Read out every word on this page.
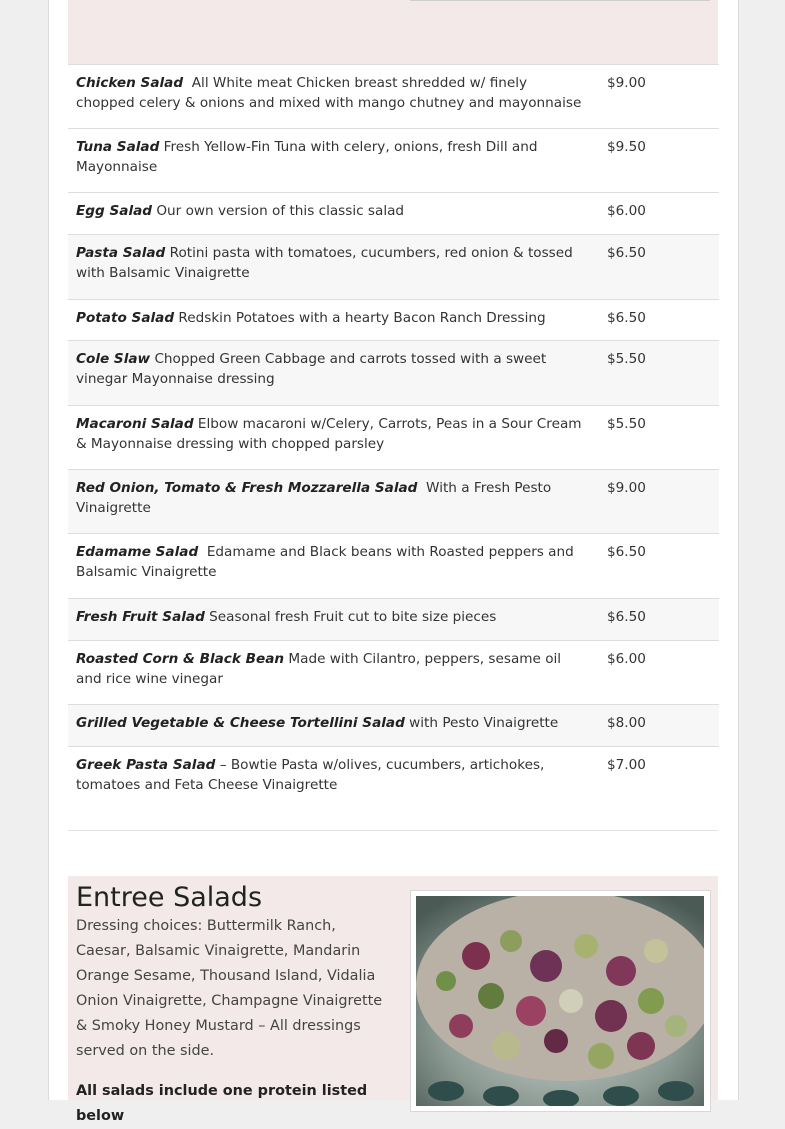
Chicken Salad All White meat Chicken breast shredded w/ finely chopped celery & onions and mixed with mango chutney and mayonnaise	$9.00
Tuna Salad Fresh Yellow-Fin Tuna with celery, onions, fresh Dill and Mayonnaise	$9.50
Egg Salad Our own version of this classic salad	$6.00
Pasta Salad Rotini pasta with tomatoes, cucumbers, red onion & tossed with Balsamic Vinaigrette	$6.50
Potato Salad Redskin Potatoes with a hearty Bacon Ranch Dressing	$6.50
Cole Slaw Chopped Green Cabbage and carrots tossed with a sweet vinegar Mayonnaise dressing	$5.50
Macaroni Salad Elbow macaroni w/Celery, Carrots, Peas in a Sour Cream & Mayonnaise dressing with chopped parsley	$5.50
Red Onion, Tomato & Fresh Mozzarella Salad With a Fresh Pesto Vinaigrette	$9.00
Edamame Salad Edamame and Black beans with Roasted peppers and Balsamic Vinaigrette	$6.50
Fresh Fruit Salad Seasonal fresh Fruit cut to bite size pieces	$6.50
Roasted Corn & Black Bean Made with Cilantro, peppers, sesame oil and rice wine vinegar	$6.00
Grilled Vegetable & Cheese Tortellini Salad with Pesto Vinaigrette	$8.00
Greek Pasta Salad – Bowtie Pasta w/olives, cucumbers, artichokes, tomatoes and Feta Cheese Vinaigrette	$7.00
Entree Salads

Dressing choices: Buttermilk Ranch, Caesar, Balsamic Vinaigrette, Mandarin Orange Sesame, Thousand Island, Vidalia Onion Vinaigrette, Champagne Vinaigrette & Smoky Honey Mustard – All dressings served on the side.

All salads include one protein listed below
